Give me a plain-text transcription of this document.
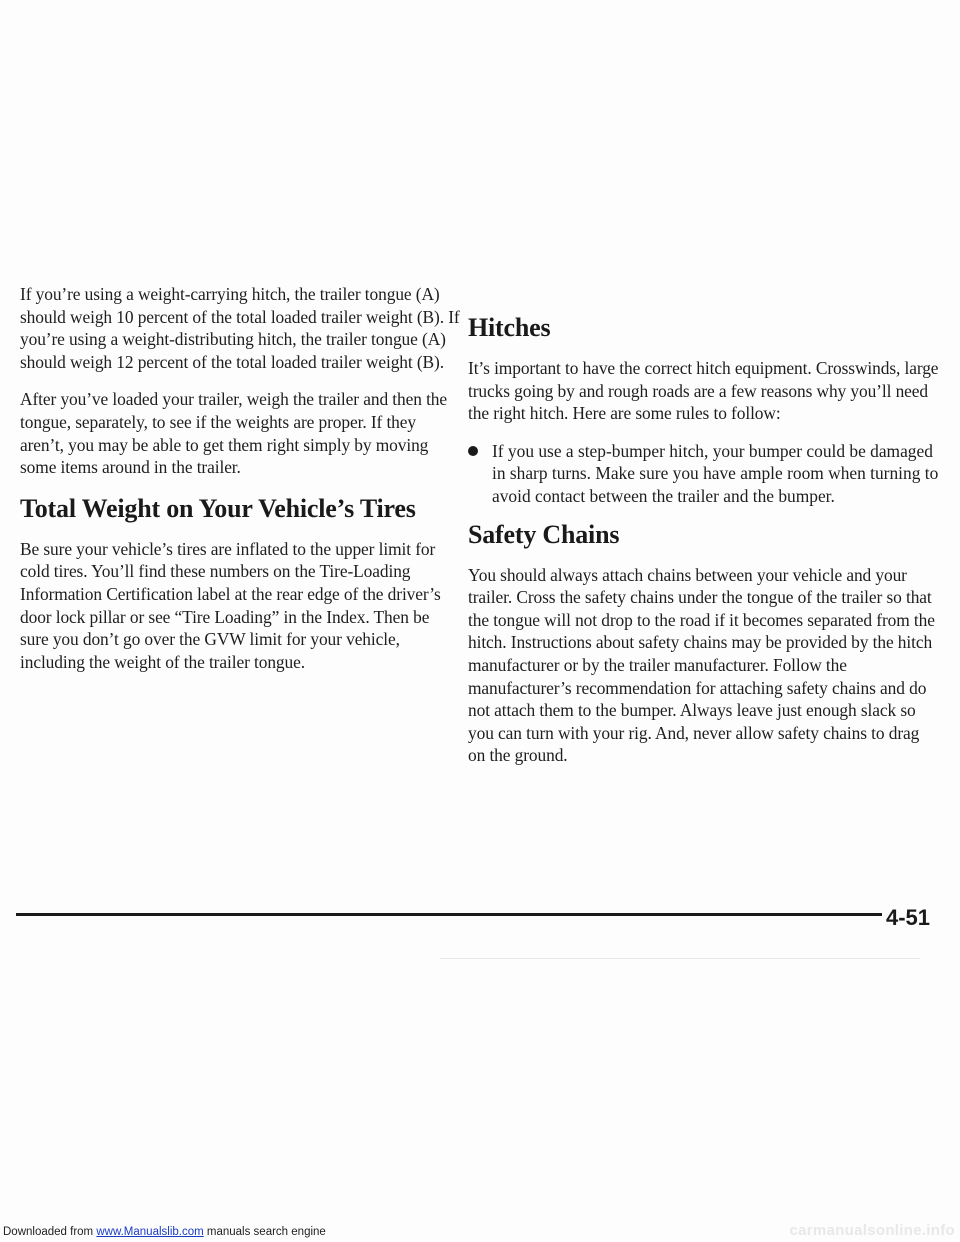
If you’re using a weight-carrying hitch, the trailer tongue (A) should weigh 10 percent of the total loaded trailer weight (B). If you’re using a weight-distributing hitch, the trailer tongue (A) should weigh 12 percent of the total loaded trailer weight (B).

After you’ve loaded your trailer, weigh the trailer and then the tongue, separately, to see if the weights are proper. If they aren’t, you may be able to get them right simply by moving some items around in the trailer.

Total Weight on Your Vehicle’s Tires

Be sure your vehicle’s tires are inflated to the upper limit for cold tires. You’ll find these numbers on the Tire-Loading Information Certification label at the rear edge of the driver’s door lock pillar or see “Tire Loading” in the Index. Then be sure you don’t go over the GVW limit for your vehicle, including the weight of the trailer tongue.

Hitches

It’s important to have the correct hitch equipment. Crosswinds, large trucks going by and rough roads are a few reasons why you’ll need the right hitch. Here are some rules to follow:

If you use a step-bumper hitch, your bumper could be damaged in sharp turns. Make sure you have ample room when turning to avoid contact between the trailer and the bumper.
Safety Chains

You should always attach chains between your vehicle and your trailer. Cross the safety chains under the tongue of the trailer so that the tongue will not drop to the road if it becomes separated from the hitch. Instructions about safety chains may be provided by the hitch manufacturer or by the trailer manufacturer. Follow the manufacturer’s recommendation for attaching safety chains and do not attach them to the bumper. Always leave just enough slack so you can turn with your rig. And, never allow safety chains to drag on the ground.

4-51
Downloaded from www.Manualslib.com manuals search engine	carmanualsonline.info
